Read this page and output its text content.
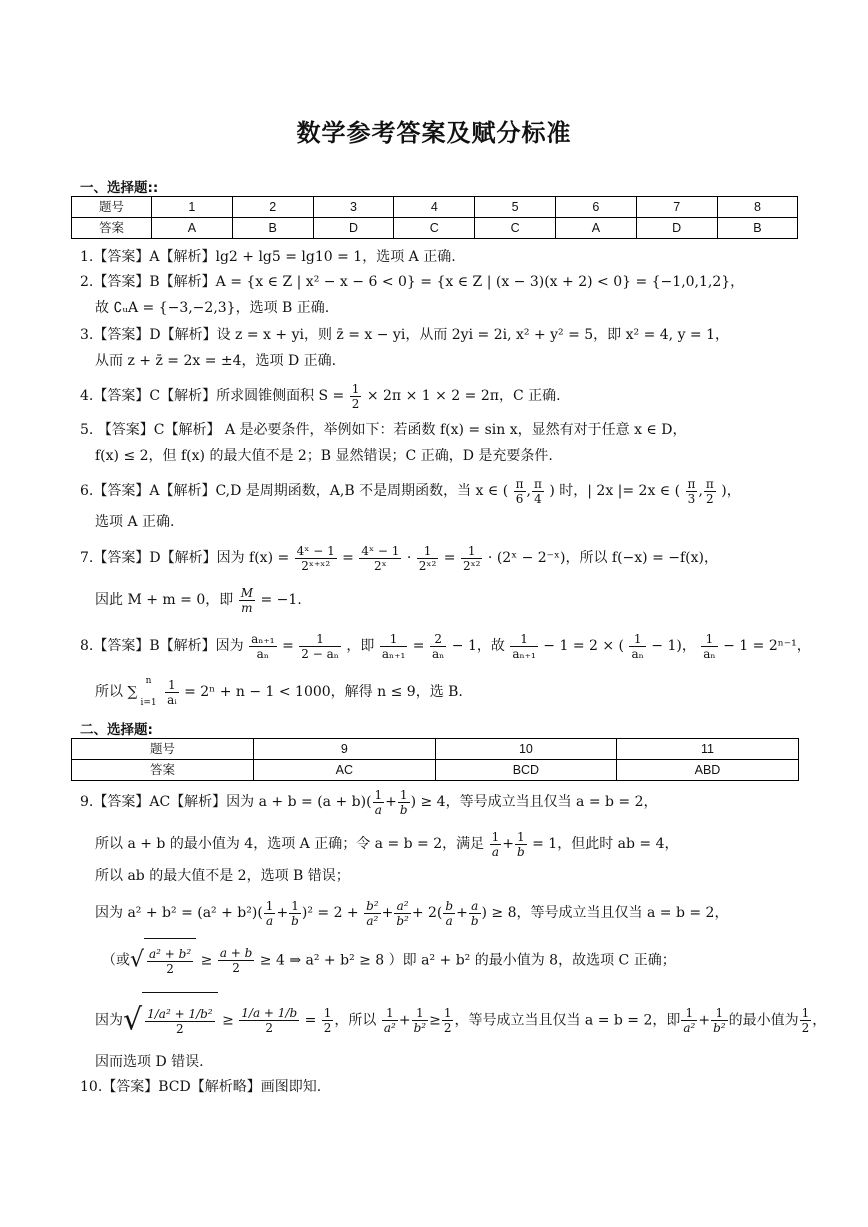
数学参考答案及赋分标准
一、选择题::
题号	1	2	3	4	5	6	7	8
答案	A	B	D	C	C	A	D	B
1.【答案】A【解析】lg2 + lg5 = lg10 = 1，选项 A 正确.
2.【答案】B【解析】A = {x ∈ Z | x² − x − 6 < 0} = {x ∈ Z | (x − 3)(x + 2) < 0} = {−1,0,1,2}，
故 ∁ᵤA = {−3,−2,3}，选项 B 正确.
3.【答案】D【解析】设 z = x + yi，则 z̄ = x − yi，从而 2yi = 2i, x² + y² = 5，即 x² = 4, y = 1，
从而 z + z̄ = 2x = ±4，选项 D 正确.
4.【答案】C【解析】所求圆锥侧面积 $S = \frac{1}{2} \times 2\pi \times 1 \times 2 = 2\pi$，C 正确.
5. 【答案】C【解析】 A 是必要条件，举例如下：若函数 f(x) = sin x，显然有对于任意 x ∈ D，
f(x) ≤ 2，但 f(x) 的最大值不是 2；B 显然错误；C 正确，D 是充要条件.
6.【答案】A【解析】C,D 是周期函数，A,B 不是周期函数，当 x ∈ ( $\frac{\pi}{6}$ , $\frac{\pi}{4}$ ) 时，| 2x |= 2x ∈ ( $\frac{\pi}{3}$ , $\frac{\pi}{2}$ )，
选项 A 正确.
7.【答案】D【解析】因为 $f(x) = \frac{\text{4ˣ − 1}}{\text{2ˣ⁺ˣ²}} = \frac{\text{4ˣ − 1}}{\text{2ˣ}} \cdot \frac{1}{\text{2ˣ²}} = \frac{1}{\text{2ˣ²}}$ · (2ˣ − 2⁻ˣ)，所以 f(−x) = −f(x)，
因此 M + m = 0，即 $\frac{M}{m} = -1$.
8.【答案】B【解析】因为 $\frac{\text{aₙ₊₁}}{\text{aₙ}} = \frac{1}{\text{2 − aₙ}}$ ，即 $\frac{1}{\text{aₙ₊₁}} = \frac{2}{\text{aₙ}} - 1$，故 $\frac{1}{\text{aₙ₊₁}} - 1 = 2$ × ( $\frac{1}{\text{aₙ}} - 1$)， $\frac{1}{\text{aₙ}} - 1 = 2^{n-1}$，
所以 ∑
n
i=1
$\frac{1}{\text{aᵢ}} = 2^n + n - 1 < 1000$，解得 n ≤ 9，选 B.
二、选择题:
题号	9	10	11
答案	AC	BCD	ABD
9.【答案】AC【解析】因为 $a + b = (a + b)( \frac{1}{a} + \frac{1}{b}$ ) ≥ 4，等号成立当且仅当 a = b = 2，
所以 a + b 的最小值为 4，选项 A 正确；令 a = b = 2，满足 $\frac{1}{a} + \frac{1}{b} = 1$，但此时 ab = 4，
所以 ab 的最大值不是 2，选项 B 错误；
因为 $a^2 + b^2 = (a^2 + b^2)( \frac{1}{a} + \frac{1}{b} )^2 = 2 + \frac{\text{b²}}{\text{a²}} + \frac{\text{a²}}{\text{b²}} + 2( \frac{b}{a} + \frac{a}{b}$ ) ≥ 8，等号成立当且仅当 a = b = 2，
（或√ $\frac{\text{a² + b²}}{2} \ge \frac{a + b}{2} \ge 4$ ⇒ a² + b² ≥ 8 ）即 a² + b² 的最小值为 8，故选项 C 正确；
因为√ $\frac{\text{1/a² + 1/b²}}{2} \ge \frac{1/a + 1/b}{2} = \frac{1}{2}$ ，所以 $\frac{1}{\text{a²}} + \frac{1}{\text{b²}} \ge \frac{1}{2}$ ，等号成立当且仅当 a = b = 2，即 $\frac{1}{\text{a²}} + \frac{1}{\text{b²}}$ 的最小值为 $\frac{1}{2}$ ，
因而选项 D 错误.
10.【答案】BCD【解析略】画图即知.
